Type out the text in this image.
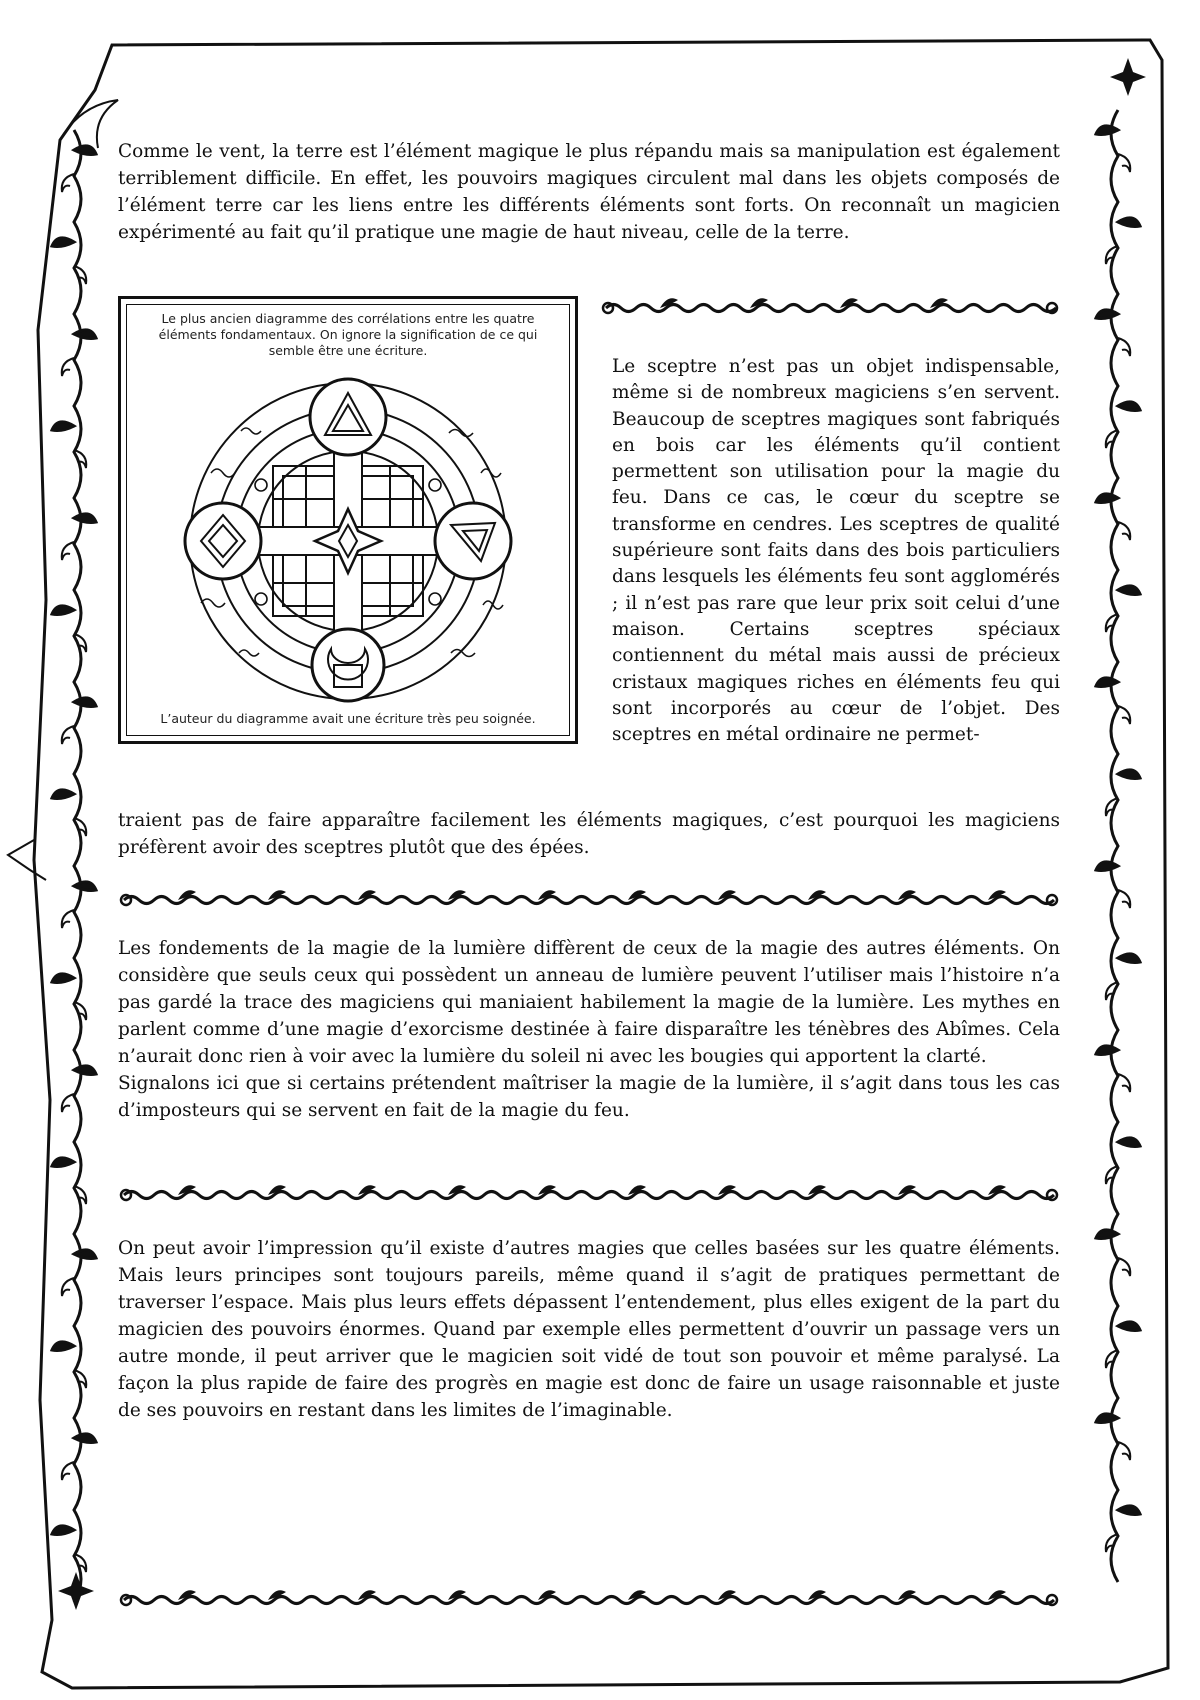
Comme le vent, la terre est l’élément magique le plus répandu mais sa manipulation est également terriblement difficile. En effet, les pouvoirs magiques circulent mal dans les objets composés de l’élément terre car les liens entre les différents éléments sont forts. On reconnaît un magicien expérimenté au fait qu’il pratique une magie de haut niveau, celle de la terre.

Le plus ancien diagramme des corrélations entre les quatre éléments fondamentaux. On ignore la signification de ce qui semble être une écriture.
L’auteur du diagramme avait une écriture très peu soignée.

Le sceptre n’est pas un objet indispensable, même si de nombreux magiciens s’en servent. Beaucoup de sceptres magiques sont fabriqués en bois car les éléments qu’il contient permettent son utilisation pour la magie du feu. Dans ce cas, le cœur du sceptre se transforme en cendres. Les sceptres de qualité supérieure sont faits dans des bois particuliers dans lesquels les éléments feu sont agglomérés ; il n’est pas rare que leur prix soit celui d’une maison. Certains sceptres spéciaux contiennent du métal mais aussi de précieux cristaux magiques riches en éléments feu qui sont incorporés au cœur de l’objet. Des sceptres en métal ordinaire ne permet-

traient pas de faire apparaître facilement les éléments magiques, c’est pourquoi les magiciens préfèrent avoir des sceptres plutôt que des épées.

Les fondements de la magie de la lumière diffèrent de ceux de la magie des autres éléments. On considère que seuls ceux qui possèdent un anneau de lumière peuvent l’utiliser mais l’histoire n’a pas gardé la trace des magiciens qui maniaient habilement la magie de la lumière. Les mythes en parlent comme d’une magie d’exorcisme destinée à faire disparaître les ténèbres des Abîmes. Cela n’aurait donc rien à voir avec la lumière du soleil ni avec les bougies qui apportent la clarté.

Signalons ici que si certains prétendent maîtriser la magie de la lumière, il s’agit dans tous les cas d’imposteurs qui se servent en fait de la magie du feu.

On peut avoir l’impression qu’il existe d’autres magies que celles basées sur les quatre éléments. Mais leurs principes sont toujours pareils, même quand il s’agit de pratiques permettant de traverser l’espace. Mais plus leurs effets dépassent l’entendement, plus elles exigent de la part du magicien des pouvoirs énormes. Quand par exemple elles permettent d’ouvrir un passage vers un autre monde, il peut arriver que le magicien soit vidé de tout son pouvoir et même paralysé. La façon la plus rapide de faire des progrès en magie est donc de faire un usage raisonnable et juste de ses pouvoirs en restant dans les limites de l’imaginable.
